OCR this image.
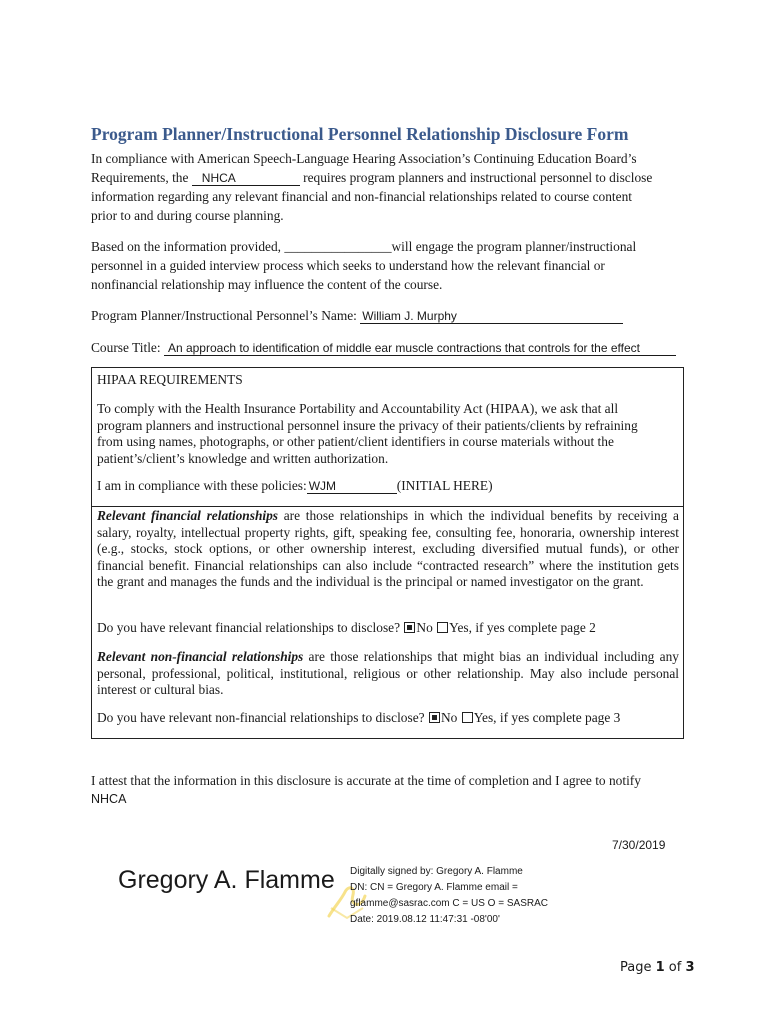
Program Planner/Instructional Personnel Relationship Disclosure Form
In compliance with American Speech-Language Hearing Association’s Continuing Education Board’s
Requirements, the NHCA	requires program planners and instructional personnel to disclose
information regarding any relevant financial and non-financial relationships related to course content
prior to and during course planning.
Based on the information provided, ________________will engage the program planner/instructional
personnel in a guided interview process which seeks to understand how the relevant financial or
nonfinancial relationship may influence the content of the course.
Program Planner/Instructional Personnel’s Name: William J. Murphy
Course Title: An approach to identification of middle ear muscle contractions that controls for the effect
HIPAA REQUIREMENTS
To comply with the Health Insurance Portability and Accountability Act (HIPAA), we ask that all
program planners and instructional personnel insure the privacy of their patients/clients by refraining
from using names, photographs, or other patient/client identifiers in course materials without the
patient’s/client’s knowledge and written authorization.
I am in compliance with these policies: WJM	(INITIAL HERE)
Relevant financial relationships are those relationships in which the individual benefits by receiving a salary, royalty, intellectual property rights, gift, speaking fee, consulting fee, honoraria, ownership interest (e.g., stocks, stock options, or other ownership interest, excluding diversified mutual funds), or other financial benefit. Financial relationships can also include “contracted research” where the institution gets the grant and manages the funds and the individual is the principal or named investigator on the grant.
Do you have relevant financial relationships to disclose? No Yes, if yes complete page 2
Relevant non-financial relationships are those relationships that might bias an individual including any personal, professional, political, institutional, religious or other relationship. May also include personal interest or cultural bias.
Do you have relevant non-financial relationships to disclose? No Yes, if yes complete page 3
I attest that the information in this disclosure is accurate at the time of completion and I agree to notify
NHCA
7/30/2019
Gregory A. Flamme Digitally signed by: Gregory A. Flamme
DN: CN = Gregory A. Flamme email =
gflamme@sasrac.com C = US O = SASRAC
Date: 2019.08.12 11:47:31 -08'00'
Page 1 of 3
